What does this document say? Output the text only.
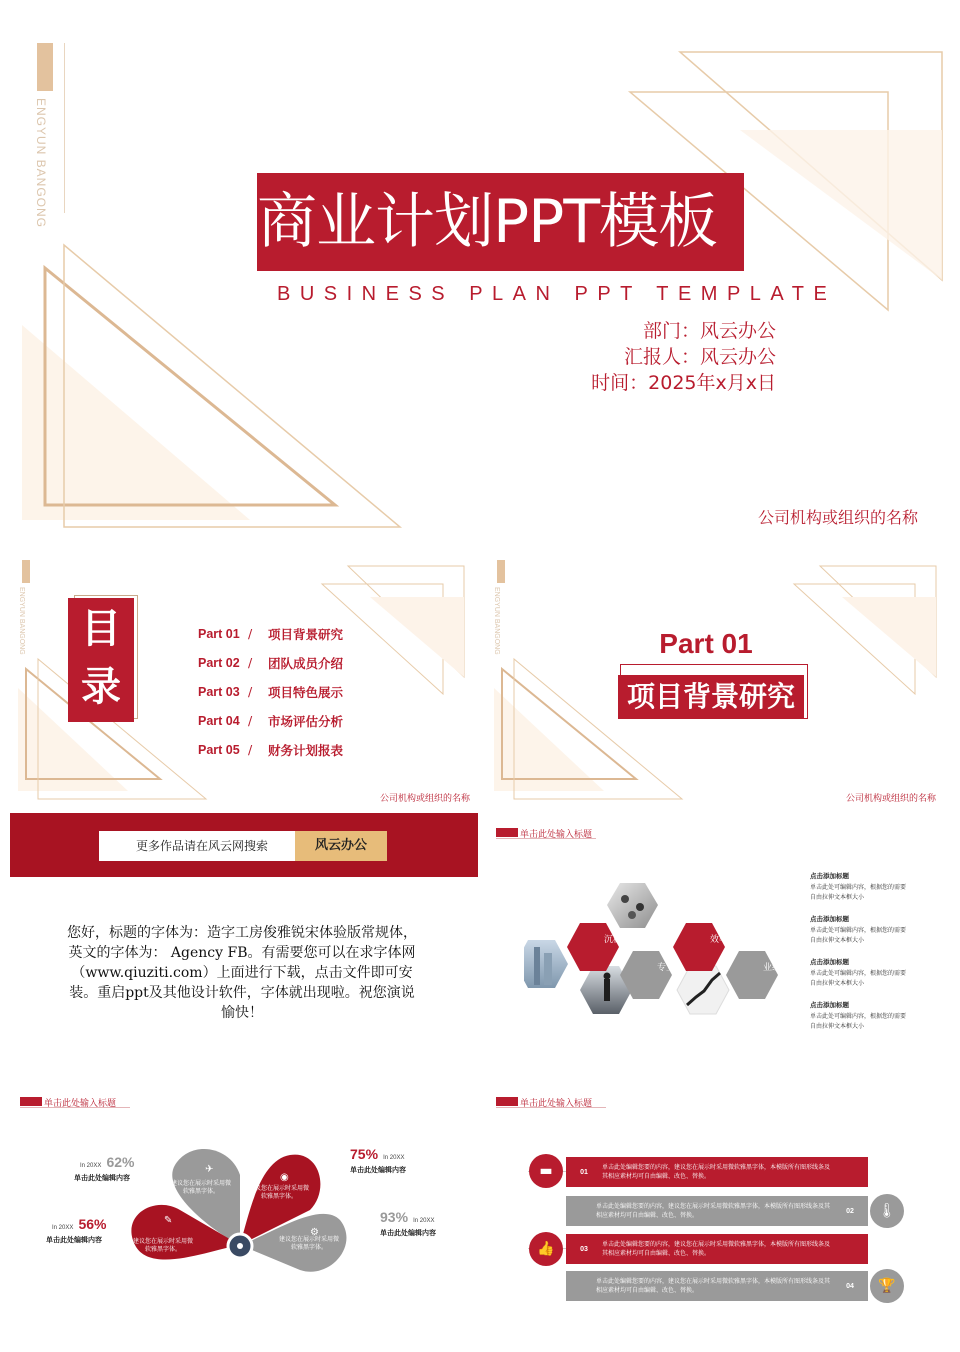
ENGYUN BANGONG	商业计划PPT模板
BUSINESS PLAN PPT TEMPLATE
部门：风云办公
汇报人：风云办公
时间：2025年x月x日
公司机构或组织的名称
ENGYUN BANGONG	目
录
Part 01 /	项目背景研究
Part 02 /	团队成员介绍
Part 03 /	项目特色展示
Part 04 /	市场评估分析
Part 05 /	财务计划报表
公司机构或组织的名称
ENGYUN BANGONG	Part 01
项目背景研究
公司机构或组织的名称
更多作品请在风云网搜索	风云办公
您好，标题的字体为：造字工房俊雅锐宋体验版常规体，英文的字体为： Agency FB。有需要您可以在求字体网（www.qiuziti.com）上面进行下载，点击文件即可安装。重启ppt及其他设计软件，字体就出现啦。祝您演说愉快！
单击此处输入标题
沉稳	效率
专业	业绩
点击添加标题
单击此处可编辑内容，根据您的需要自由拉伸文本框大小
点击添加标题
单击此处可编辑内容，根据您的需要自由拉伸文本框大小
点击添加标题
单击此处可编辑内容，根据您的需要自由拉伸文本框大小
点击添加标题
单击此处可编辑内容，根据您的需要自由拉伸文本框大小
单击此处输入标题
✈
◉
✎
⚙
建议您在展示时采用微软雅黑字体。	建议您在展示时采用微软雅黑字体。
建议您在展示时采用微软雅黑字体。
建议您在展示时采用微软雅黑字体。
In 20XX 62%
单击此处编辑内容
In 20XX 56%
单击此处编辑内容
75% In 20XX
单击此处编辑内容
93% In 20XX
单击此处编辑内容
单击此处输入标题
▬	01
单击此处编辑您要的内容，建议您在展示时采用微软雅黑字体，本模版所有图形线条及其相应素材均可自由编辑、改色、替换。
单击此处编辑您要的内容，建议您在展示时采用微软雅黑字体，本模版所有图形线条及其相应素材均可自由编辑、改色、替换。
02	🌡
👍	03
单击此处编辑您要的内容，建议您在展示时采用微软雅黑字体，本模版所有图形线条及其相应素材均可自由编辑、改色、替换。
单击此处编辑您要的内容，建议您在展示时采用微软雅黑字体，本模版所有图形线条及其相应素材均可自由编辑、改色、替换。
04	🏆
